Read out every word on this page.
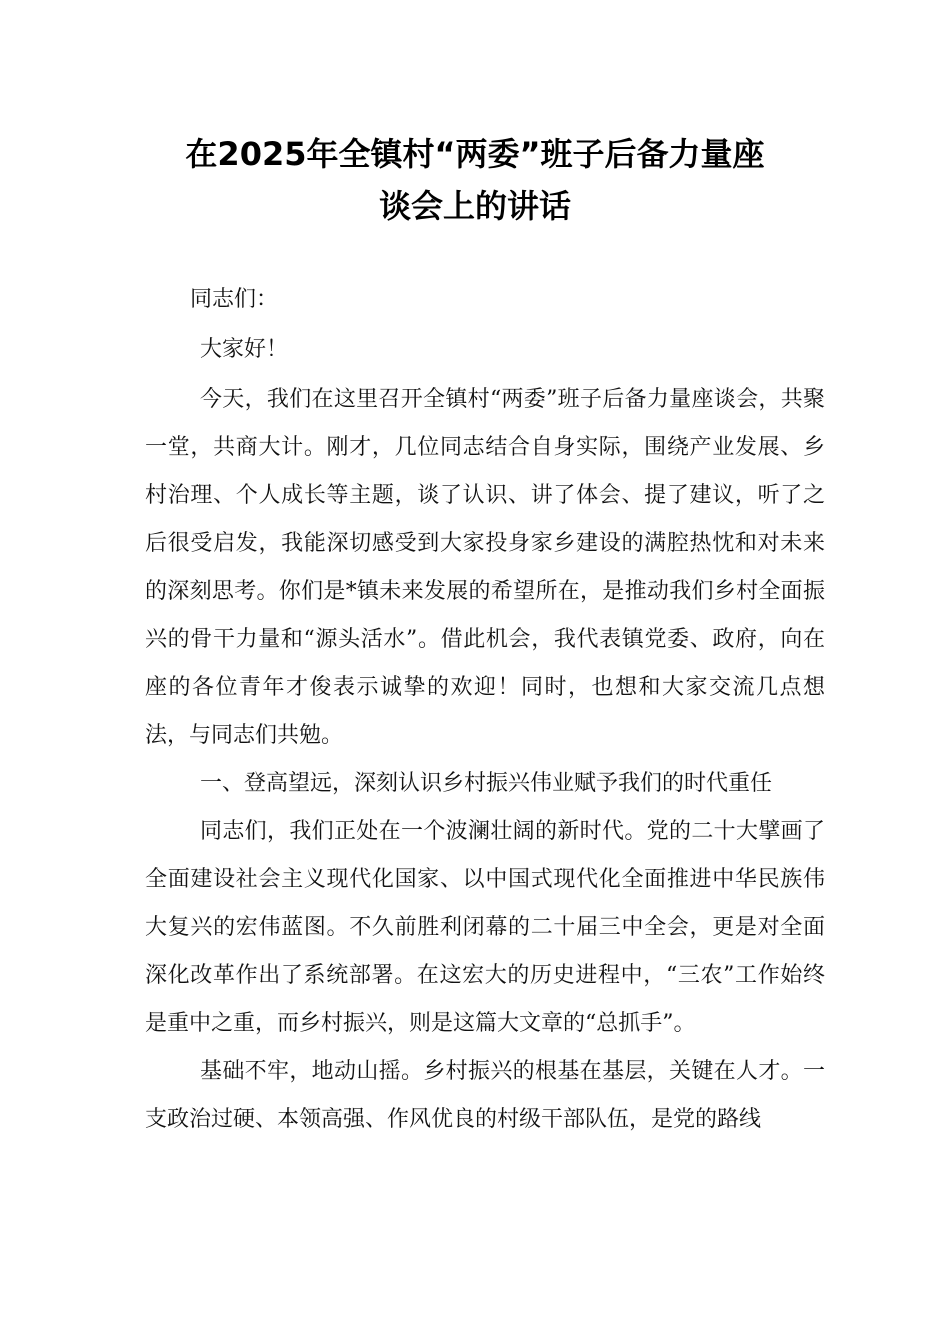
在2025年全镇村“两委”班子后备力量座
谈会上的讲话
同志们：
大家好！

今天，我们在这里召开全镇村“两委”班子后备力量座谈会，共聚一堂，共商大计。刚才，几位同志结合自身实际，围绕产业发展、乡村治理、个人成长等主题，谈了认识、讲了体会、提了建议，听了之后很受启发，我能深切感受到大家投身家乡建设的满腔热忱和对未来的深刻思考。你们是*镇未来发展的希望所在，是推动我们乡村全面振兴的骨干力量和“源头活水”。借此机会，我代表镇党委、政府，向在座的各位青年才俊表示诚挚的欢迎！同时，也想和大家交流几点想法，与同志们共勉。

一、登高望远，深刻认识乡村振兴伟业赋予我们的时代重任

同志们，我们正处在一个波澜壮阔的新时代。党的二十大擘画了全面建设社会主义现代化国家、以中国式现代化全面推进中华民族伟大复兴的宏伟蓝图。不久前胜利闭幕的二十届三中全会，更是对全面深化改革作出了系统部署。在这宏大的历史进程中，“三农”工作始终是重中之重，而乡村振兴，则是这篇大文章的“总抓手”。

基础不牢，地动山摇。乡村振兴的根基在基层，关键在人才。一支政治过硬、本领高强、作风优良的村级干部队伍，是党的路线
